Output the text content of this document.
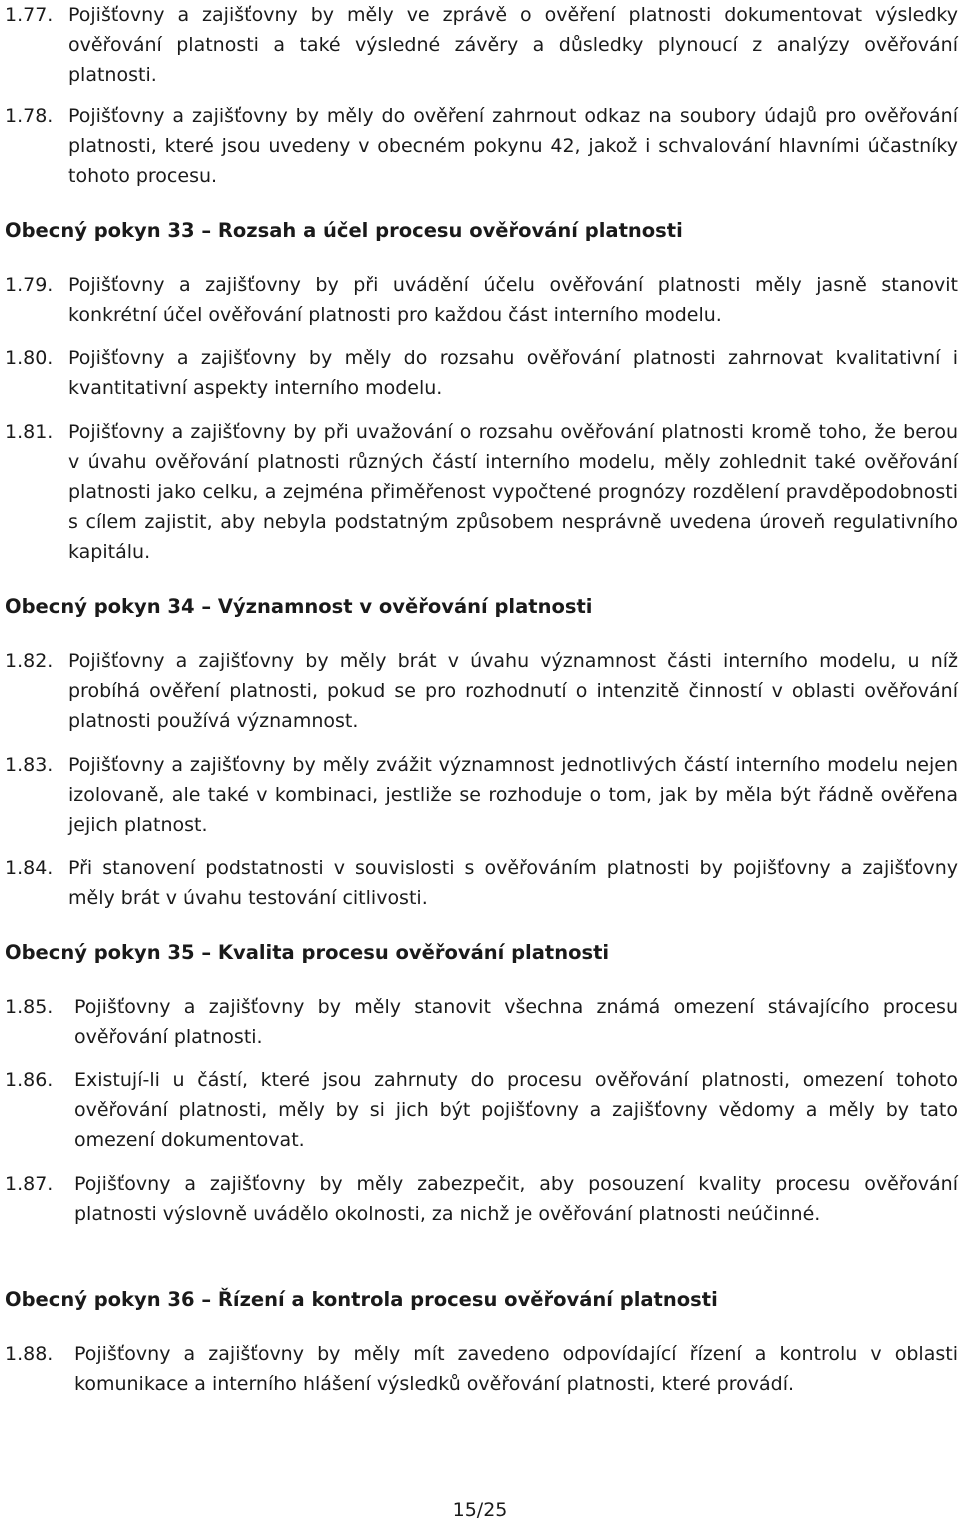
1.77. Pojišťovny a zajišťovny by měly ve zprávě o ověření platnosti dokumentovat výsledky ověřování platnosti a také výsledné závěry a důsledky plynoucí z analýzy ověřování platnosti.
1.78. Pojišťovny a zajišťovny by měly do ověření zahrnout odkaz na soubory údajů pro ověřování platnosti, které jsou uvedeny v obecném pokynu 42, jakož i schvalování hlavními účastníky tohoto procesu.
Obecný pokyn 33 – Rozsah a účel procesu ověřování platnosti
1.79. Pojišťovny a zajišťovny by při uvádění účelu ověřování platnosti měly jasně stanovit konkrétní účel ověřování platnosti pro každou část interního modelu.
1.80. Pojišťovny a zajišťovny by měly do rozsahu ověřování platnosti zahrnovat kvalitativní i kvantitativní aspekty interního modelu.
1.81. Pojišťovny a zajišťovny by při uvažování o rozsahu ověřování platnosti kromě toho, že berou v úvahu ověřování platnosti různých částí interního modelu, měly zohlednit také ověřování platnosti jako celku, a zejména přiměřenost vypočtené prognózy rozdělení pravděpodobnosti s cílem zajistit, aby nebyla podstatným způsobem nesprávně uvedena úroveň regulativního kapitálu.
Obecný pokyn 34 – Významnost v ověřování platnosti
1.82. Pojišťovny a zajišťovny by měly brát v úvahu významnost části interního modelu, u níž probíhá ověření platnosti, pokud se pro rozhodnutí o intenzitě činností v oblasti ověřování platnosti používá významnost.
1.83. Pojišťovny a zajišťovny by měly zvážit významnost jednotlivých částí interního modelu nejen izolovaně, ale také v kombinaci, jestliže se rozhoduje o tom, jak by měla být řádně ověřena jejich platnost.
1.84. Při stanovení podstatnosti v souvislosti s ověřováním platnosti by pojišťovny a zajišťovny měly brát v úvahu testování citlivosti.
Obecný pokyn 35 – Kvalita procesu ověřování platnosti
1.85.	Pojišťovny a zajišťovny by měly stanovit všechna známá omezení stávajícího procesu ověřování platnosti.
1.86.	Existují-li u částí, které jsou zahrnuty do procesu ověřování platnosti, omezení tohoto ověřování platnosti, měly by si jich být pojišťovny a zajišťovny vědomy a měly by tato omezení dokumentovat.
1.87.	Pojišťovny a zajišťovny by měly zabezpečit, aby posouzení kvality procesu ověřování platnosti výslovně uvádělo okolnosti, za nichž je ověřování platnosti neúčinné.
Obecný pokyn 36 – Řízení a kontrola procesu ověřování platnosti
1.88.	Pojišťovny a zajišťovny by měly mít zavedeno odpovídající řízení a kontrolu v oblasti komunikace a interního hlášení výsledků ověřování platnosti, které provádí.
15/25
